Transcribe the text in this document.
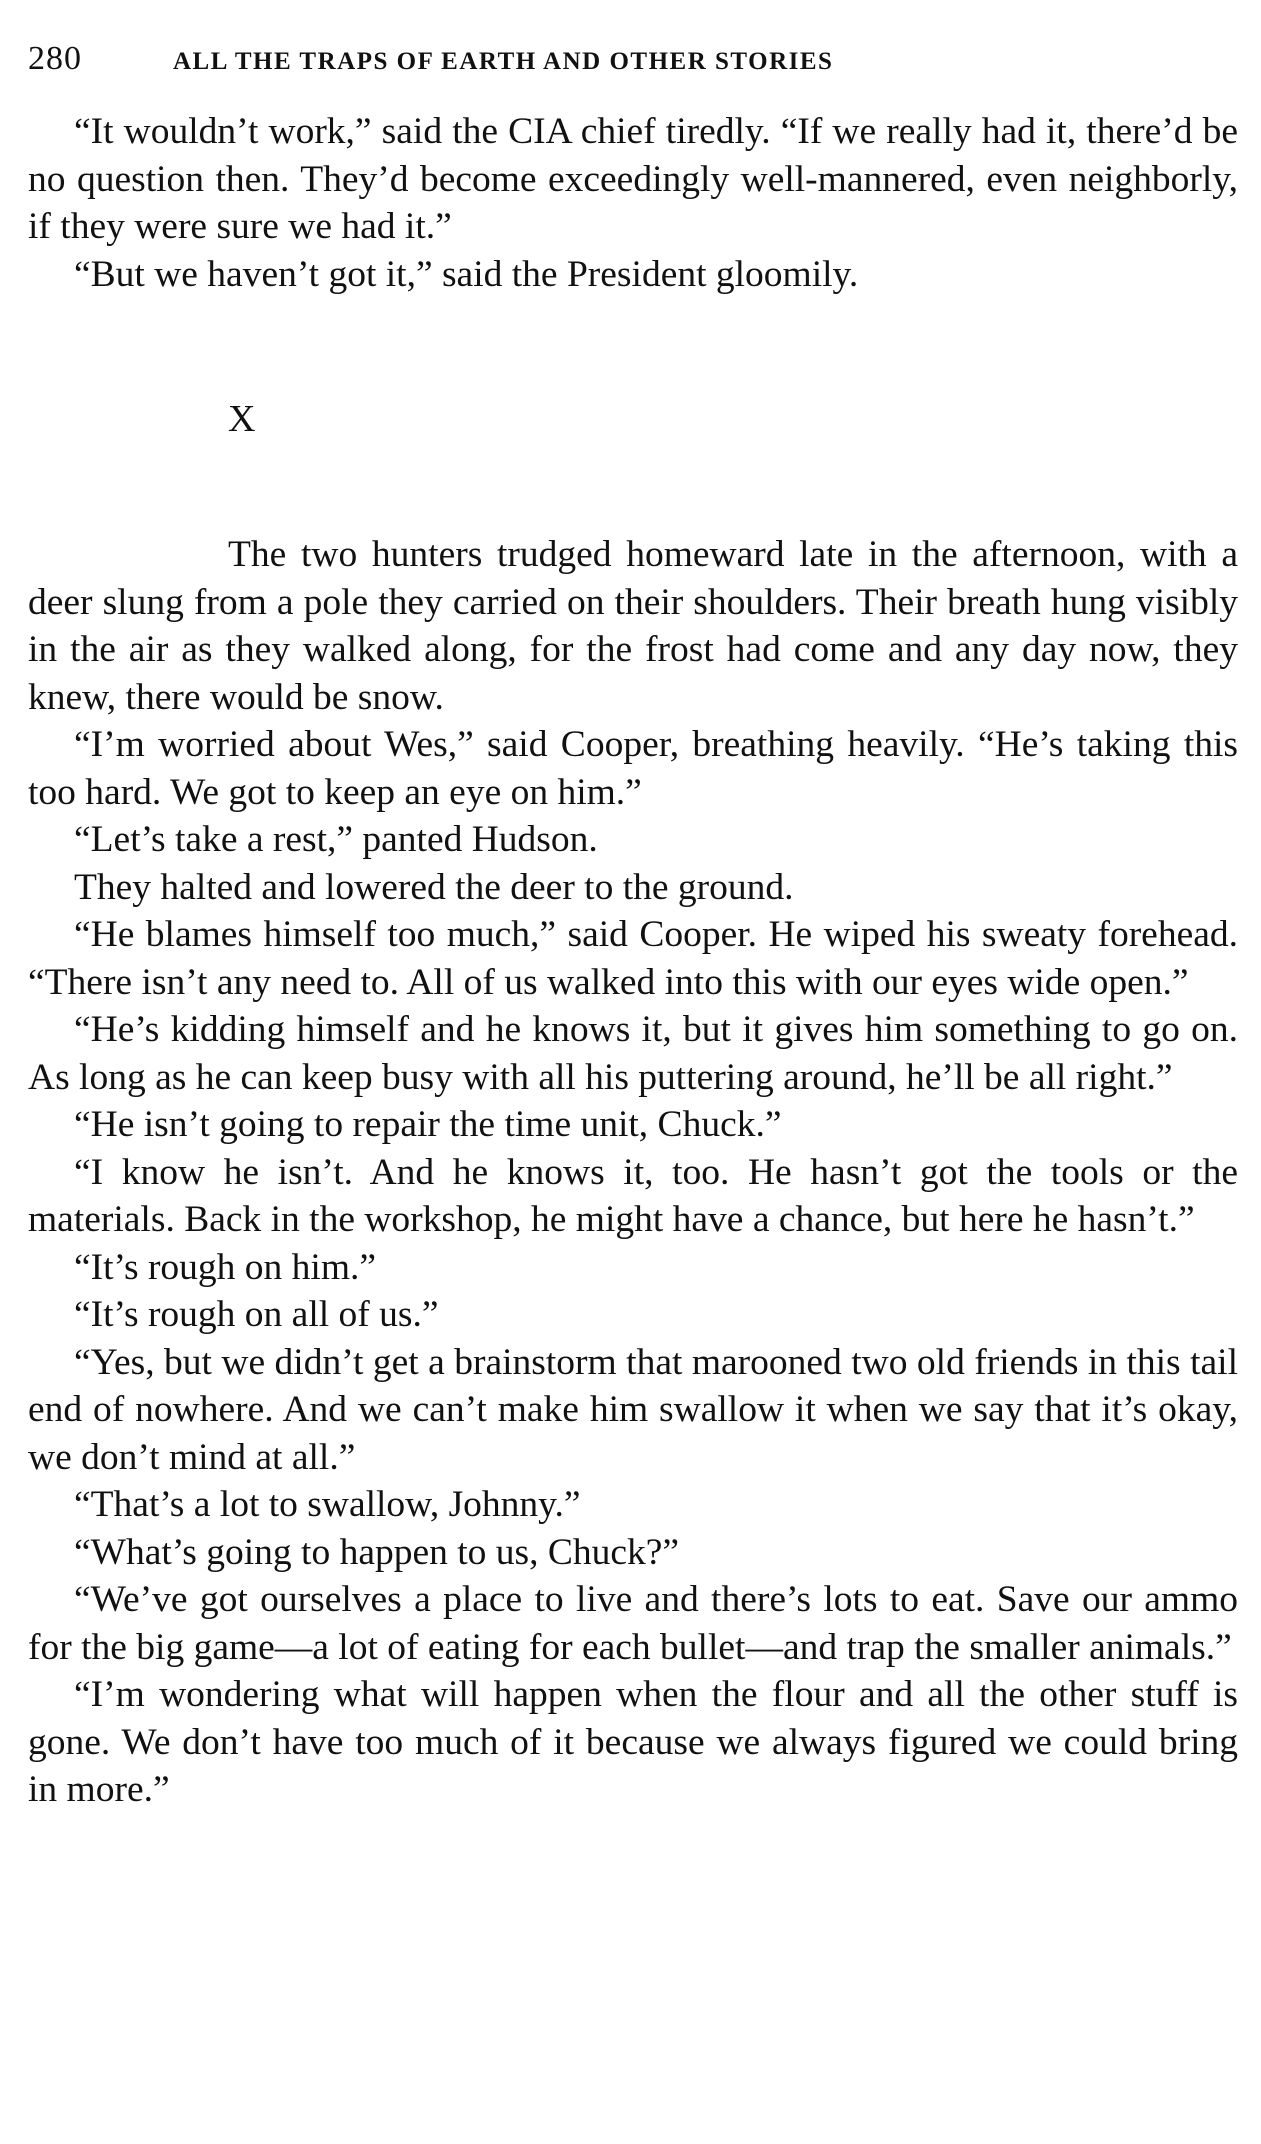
280	ALL THE TRAPS OF EARTH AND OTHER STORIES

“It wouldn’t work,” said the CIA chief tiredly. “If we really had it, there’d be no question then. They’d become exceedingly well-mannered, even neighborly, if they were sure we had it.”

“But we haven’t got it,” said the President gloomily.

X

The two hunters trudged homeward late in the afternoon, with a deer slung from a pole they carried on their shoulders. Their breath hung visibly in the air as they walked along, for the frost had come and any day now, they knew, there would be snow.

“I’m worried about Wes,” said Cooper, breathing heavily. “He’s taking this too hard. We got to keep an eye on him.”

“Let’s take a rest,” panted Hudson.

They halted and lowered the deer to the ground.

“He blames himself too much,” said Cooper. He wiped his sweaty forehead. “There isn’t any need to. All of us walked into this with our eyes wide open.”

“He’s kidding himself and he knows it, but it gives him something to go on. As long as he can keep busy with all his puttering around, he’ll be all right.”

“He isn’t going to repair the time unit, Chuck.”

“I know he isn’t. And he knows it, too. He hasn’t got the tools or the materials. Back in the workshop, he might have a chance, but here he hasn’t.”

“It’s rough on him.”

“It’s rough on all of us.”

“Yes, but we didn’t get a brainstorm that marooned two old friends in this tail end of nowhere. And we can’t make him swallow it when we say that it’s okay, we don’t mind at all.”

“That’s a lot to swallow, Johnny.”

“What’s going to happen to us, Chuck?”

“We’ve got ourselves a place to live and there’s lots to eat. Save our ammo for the big game—a lot of eating for each bullet—and trap the smaller animals.”

“I’m wondering what will happen when the flour and all the other stuff is gone. We don’t have too much of it because we always figured we could bring in more.”
